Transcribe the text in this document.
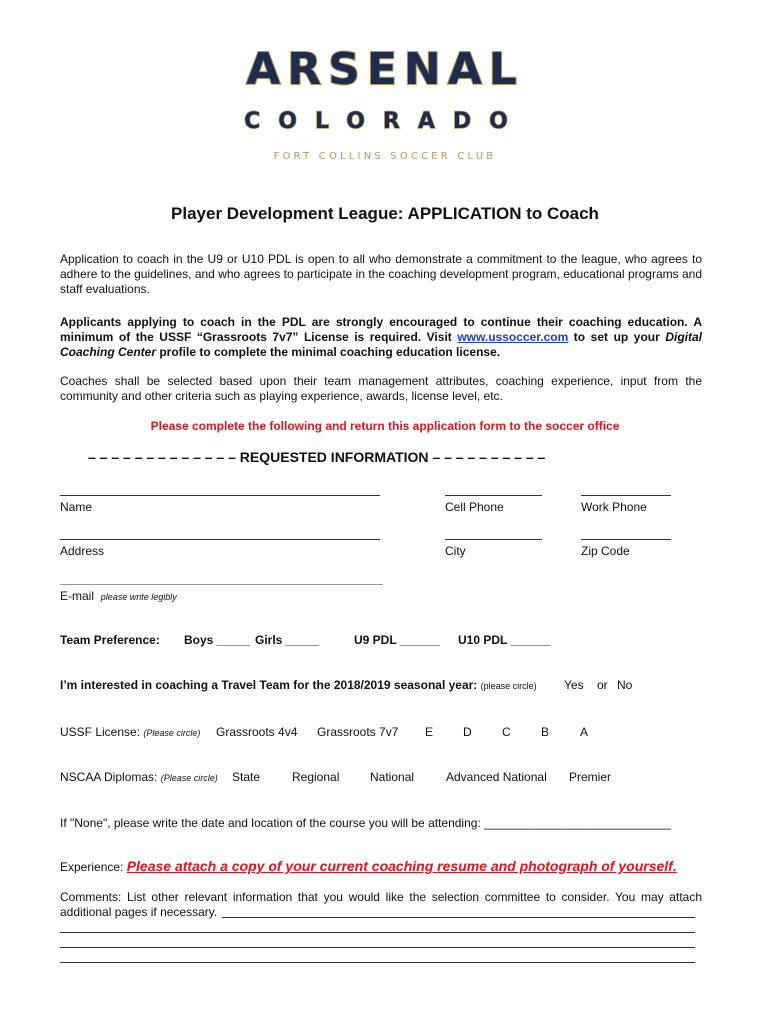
ARSENAL
COLORADO
FORT COLLINS SOCCER CLUB
Player Development League: APPLICATION to Coach
Application to coach in the U9 or U10 PDL is open to all who demonstrate a commitment to the league, who agrees to adhere to the guidelines, and who agrees to participate in the coaching development program, educational programs and staff evaluations.
Applicants applying to coach in the PDL are strongly encouraged to continue their coaching education. A minimum of the USSF “Grassroots 7v7” License is required. Visit www.ussoccer.com to set up your Digital Coaching Center profile to complete the minimal coaching education license.
Coaches shall be selected based upon their team management attributes, coaching experience, input from the community and other criteria such as playing experience, awards, license level, etc.
Please complete the following and return this application form to the soccer office
– – – – – – – – – – – – – REQUESTED INFORMATION – – – – – – – – – –
Name	Cell Phone	Work Phone
Address	City	Zip Code
E-mail please write legibly
Team Preference: Boys _____ Girls _____	U9 PDL ______ U10 PDL ______
I’m interested in coaching a Travel Team for the 2018/2019 seasonal year: (please circle) Yes or No
USSF License: (Please circle) Grassroots 4v4 Grassroots 7v7 E D	C	B	A
NSCAA Diplomas: (Please circle) State	Regional	National	Advanced National Premier
If "None", please write the date and location of the course you will be attending: ____________________________
Experience: Please attach a copy of your current coaching resume and photograph of yourself.
Comments: List other relevant information that you would like the selection committee to consider. You may attach additional pages if necessary.
